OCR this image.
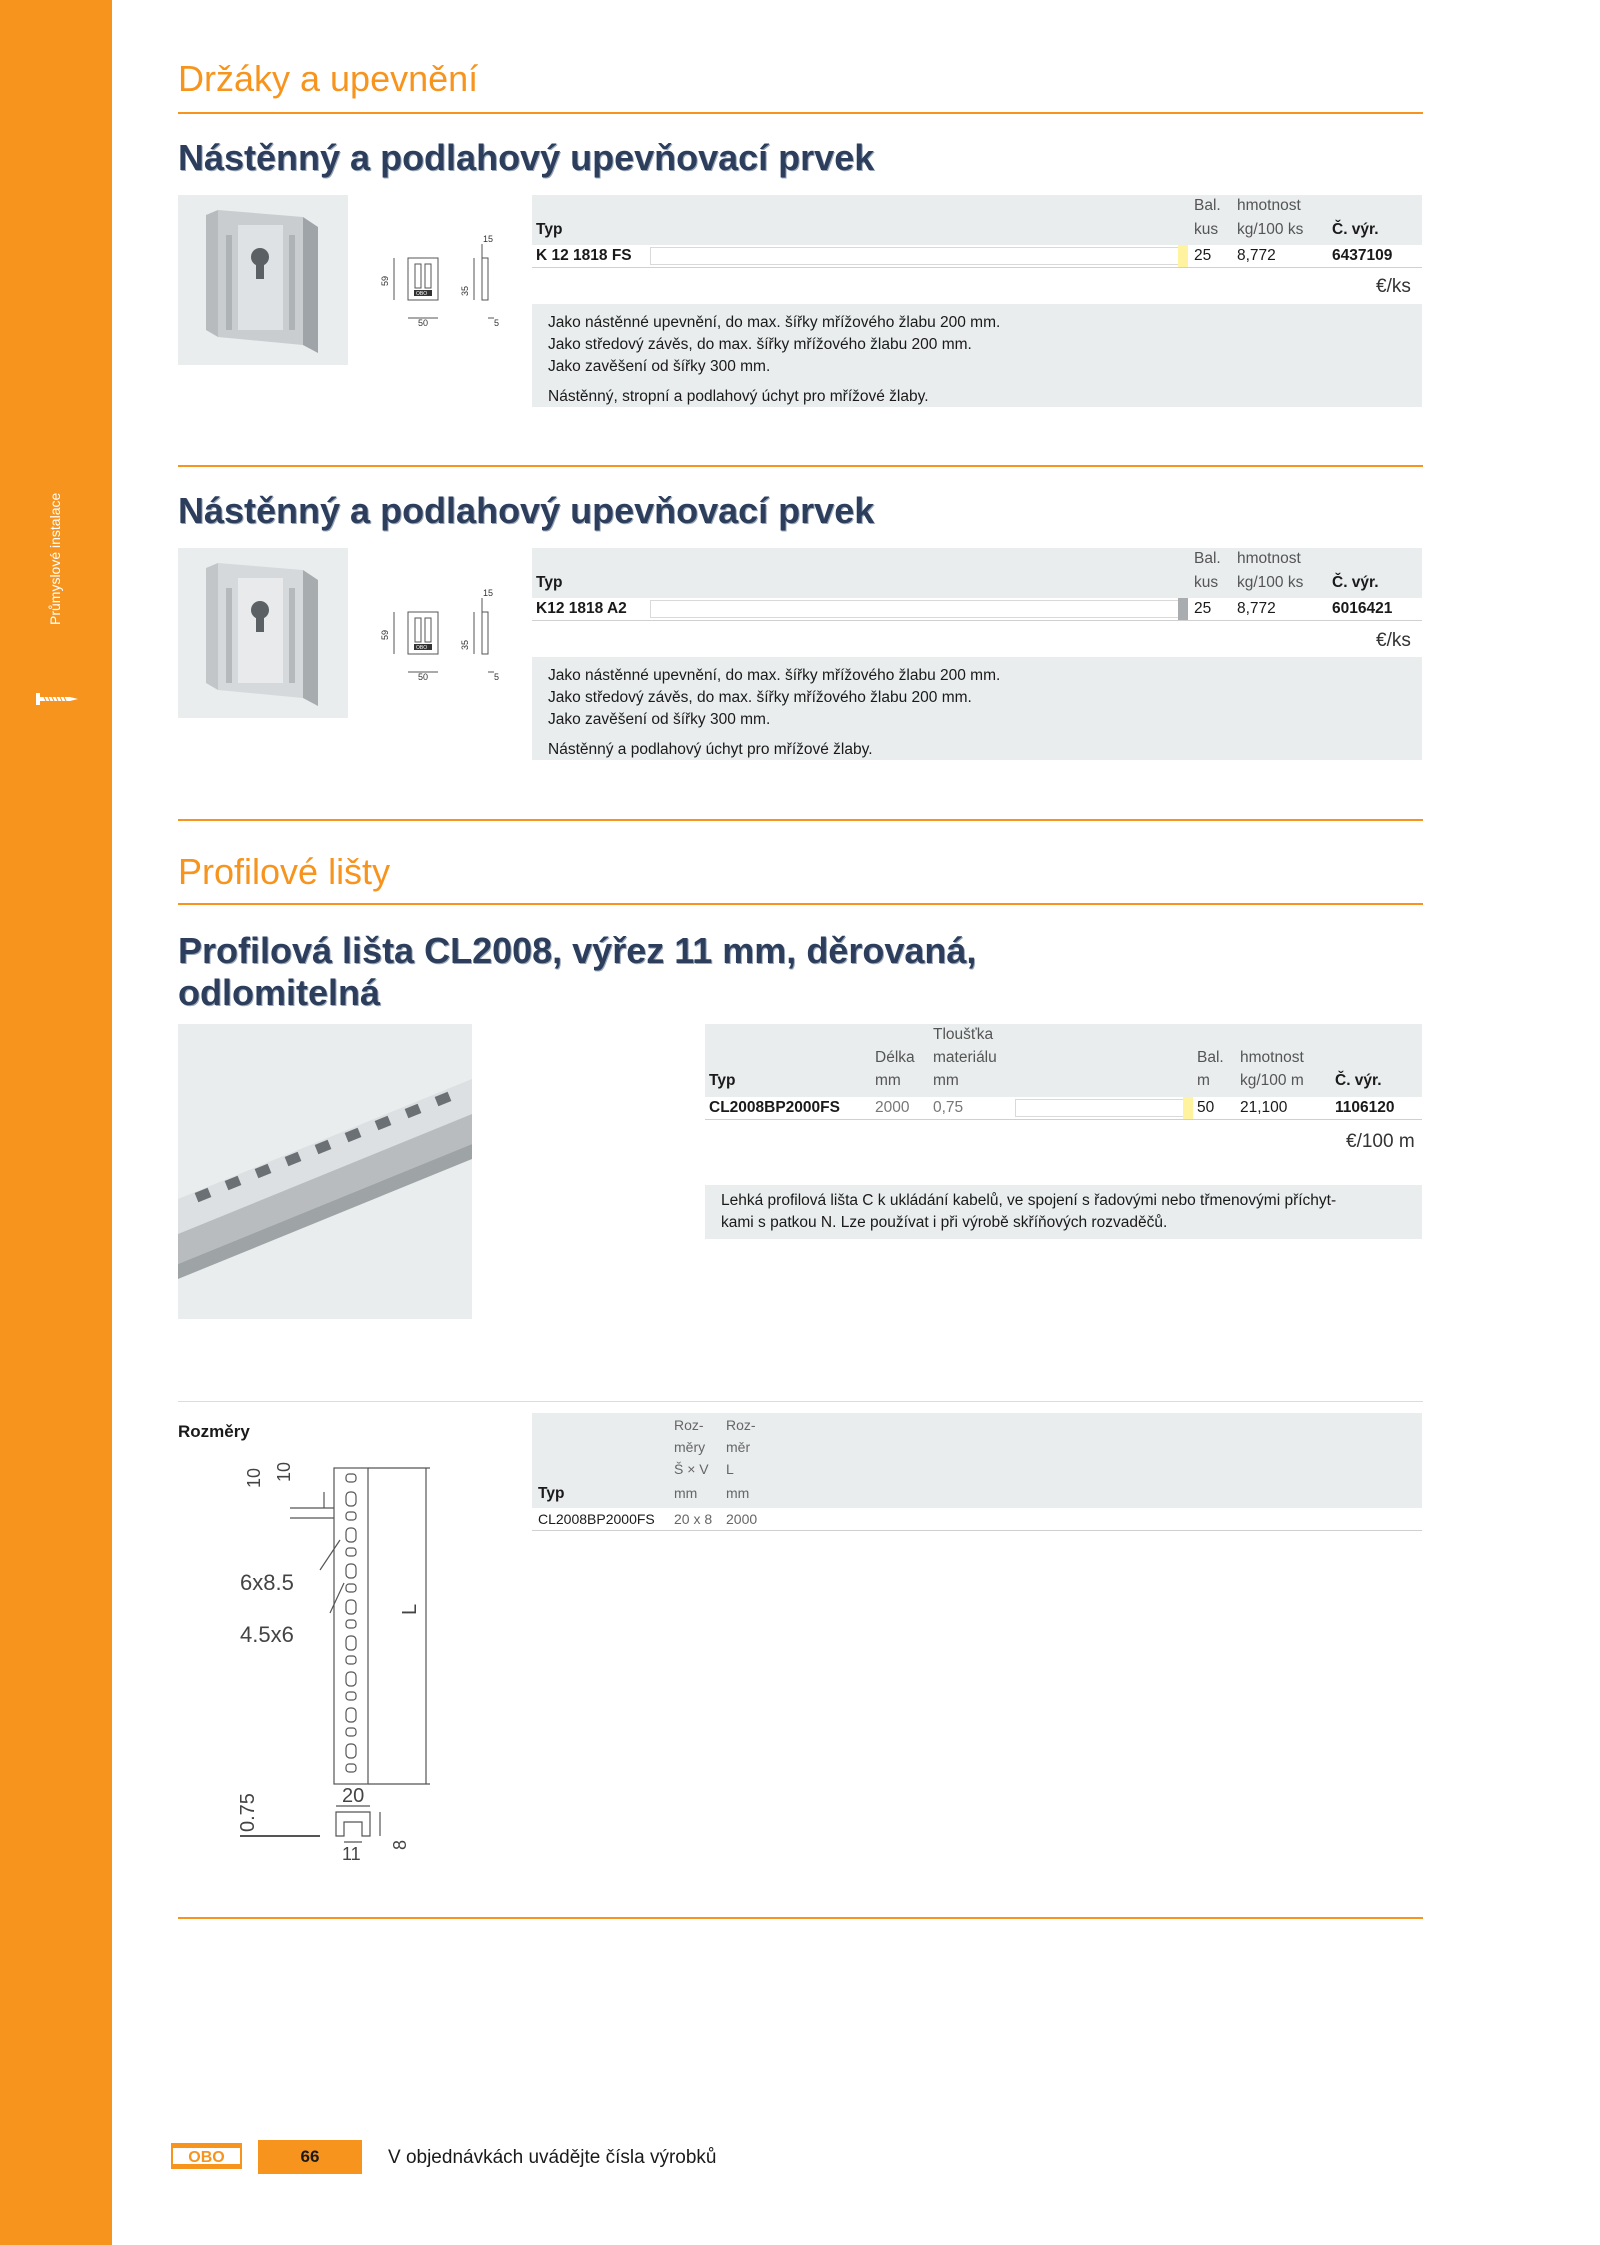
Průmyslové instalace
Držáky a upevnění
Nástěnný a podlahový upevňovací prvek
OBO
15
59
35
50	5
Bal. hmotnost
Typ	kus kg/100 ks Č. výr.
K 12 1818 FS	25 8,772	6437109
€/ks

Jako nástěnné upevnění, do max. šířky mřížového žlabu 200 mm.

Jako středový závěs, do max. šířky mřížového žlabu 200 mm.

Jako zavěšení od šířky 300 mm.

Nástěnný, stropní a podlahový úchyt pro mřížové žlaby.

Nástěnný a podlahový upevňovací prvek
OBO
15
59
35
50	5
Bal. hmotnost
Typ	kus kg/100 ks Č. výr.
K12 1818 A2	25 8,772	6016421
€/ks

Jako nástěnné upevnění, do max. šířky mřížového žlabu 200 mm.

Jako středový závěs, do max. šířky mřížového žlabu 200 mm.

Jako zavěšení od šířky 300 mm.

Nástěnný a podlahový úchyt pro mřížové žlaby.

Profilové lišty
Profilová lišta CL2008, výřez 11 mm, děrovaná,
odlomitelná
Tloušťka
Délka materiálu	Bal. hmotnost
Typ	mm mm	m kg/100 m Č. výr.
CL2008BP2000FS 2000 0,75	50 21,100	1106120
€/100 m

Lehká profilová lišta C k ukládání kabelů, ve spojení s řadovými nebo třmenovými příchyt-

kami s patkou N. Lze používat i při výrobě skříňových rozvaděčů.

Rozměry
10 10
6x8.5
4.5x6
L
20
0.75
11 8
Roz- Roz-
měry měr
Š × V L
Typ	mm mm
CL2008BP2000FS 20 x 8 2000
OBO	66	V objednávkách uvádějte čísla výrobků
